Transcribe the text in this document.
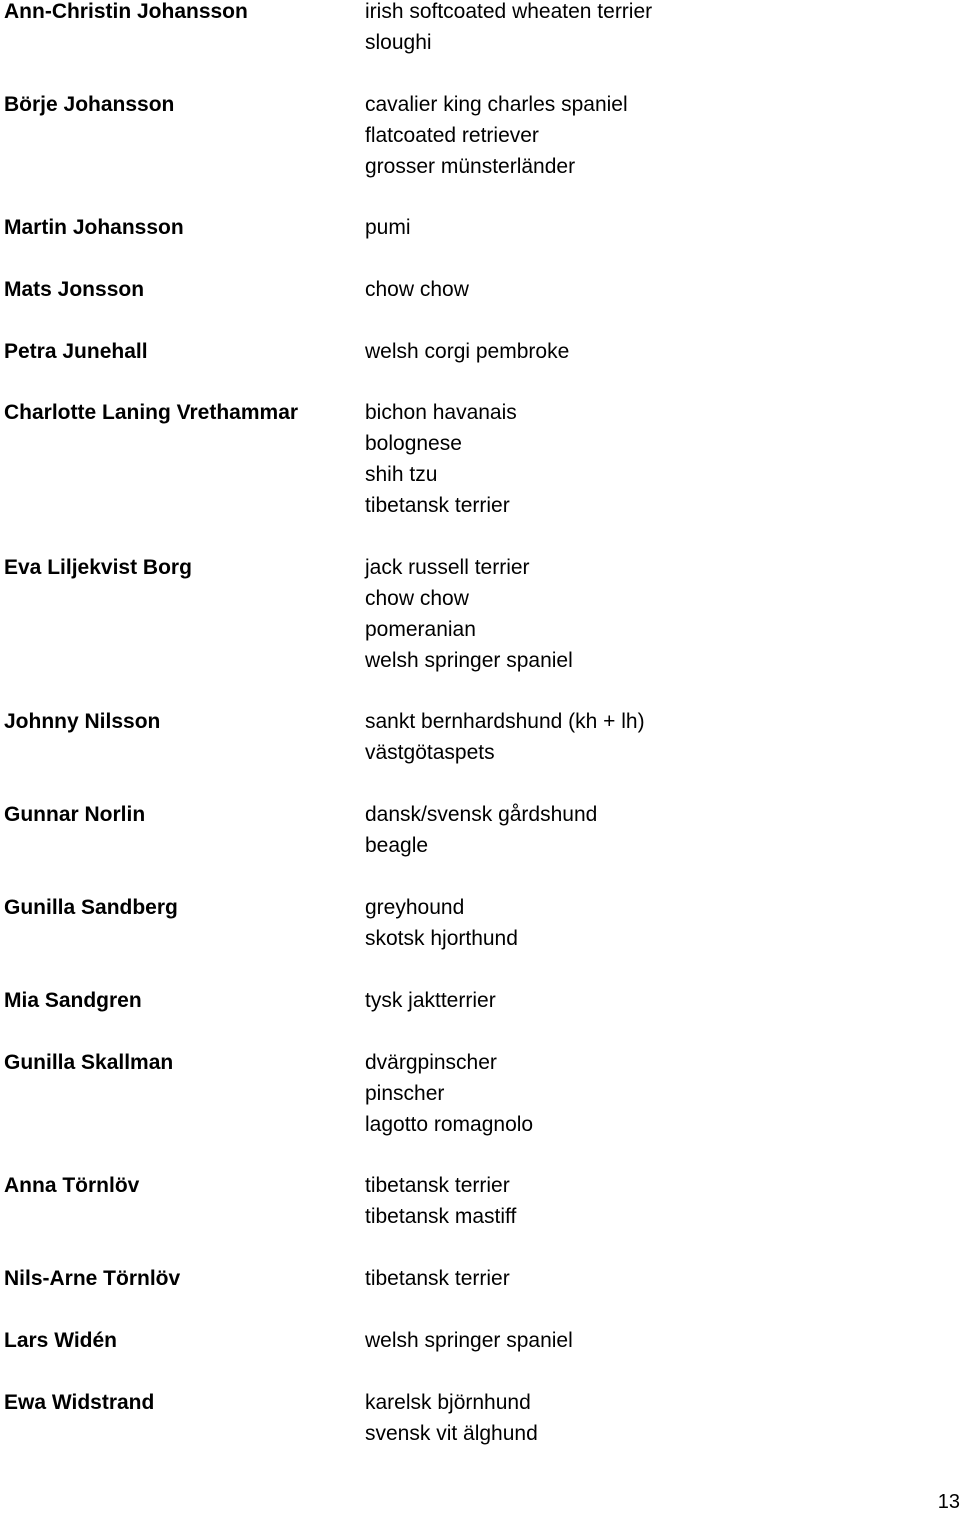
Ann-Christin Johansson	irish softcoated wheaten terrier
sloughi
Börje Johansson	cavalier king charles spaniel
flatcoated retriever
grosser münsterländer
Martin Johansson	pumi
Mats Jonsson	chow chow
Petra Junehall	welsh corgi pembroke
Charlotte Laning Vrethammar	bichon havanais
bolognese
shih tzu
tibetansk terrier
Eva Liljekvist Borg	jack russell terrier
chow chow
pomeranian
welsh springer spaniel
Johnny Nilsson	sankt bernhardshund (kh + lh)
västgötaspets
Gunnar Norlin	dansk/svensk gårdshund
beagle
Gunilla Sandberg	greyhound
skotsk hjorthund
Mia Sandgren	tysk jaktterrier
Gunilla Skallman	dvärgpinscher
pinscher
lagotto romagnolo
Anna Törnlöv	tibetansk terrier
tibetansk mastiff
Nils-Arne Törnlöv	tibetansk terrier
Lars Widén	welsh springer spaniel
Ewa Widstrand	karelsk björnhund
svensk vit älghund
13
